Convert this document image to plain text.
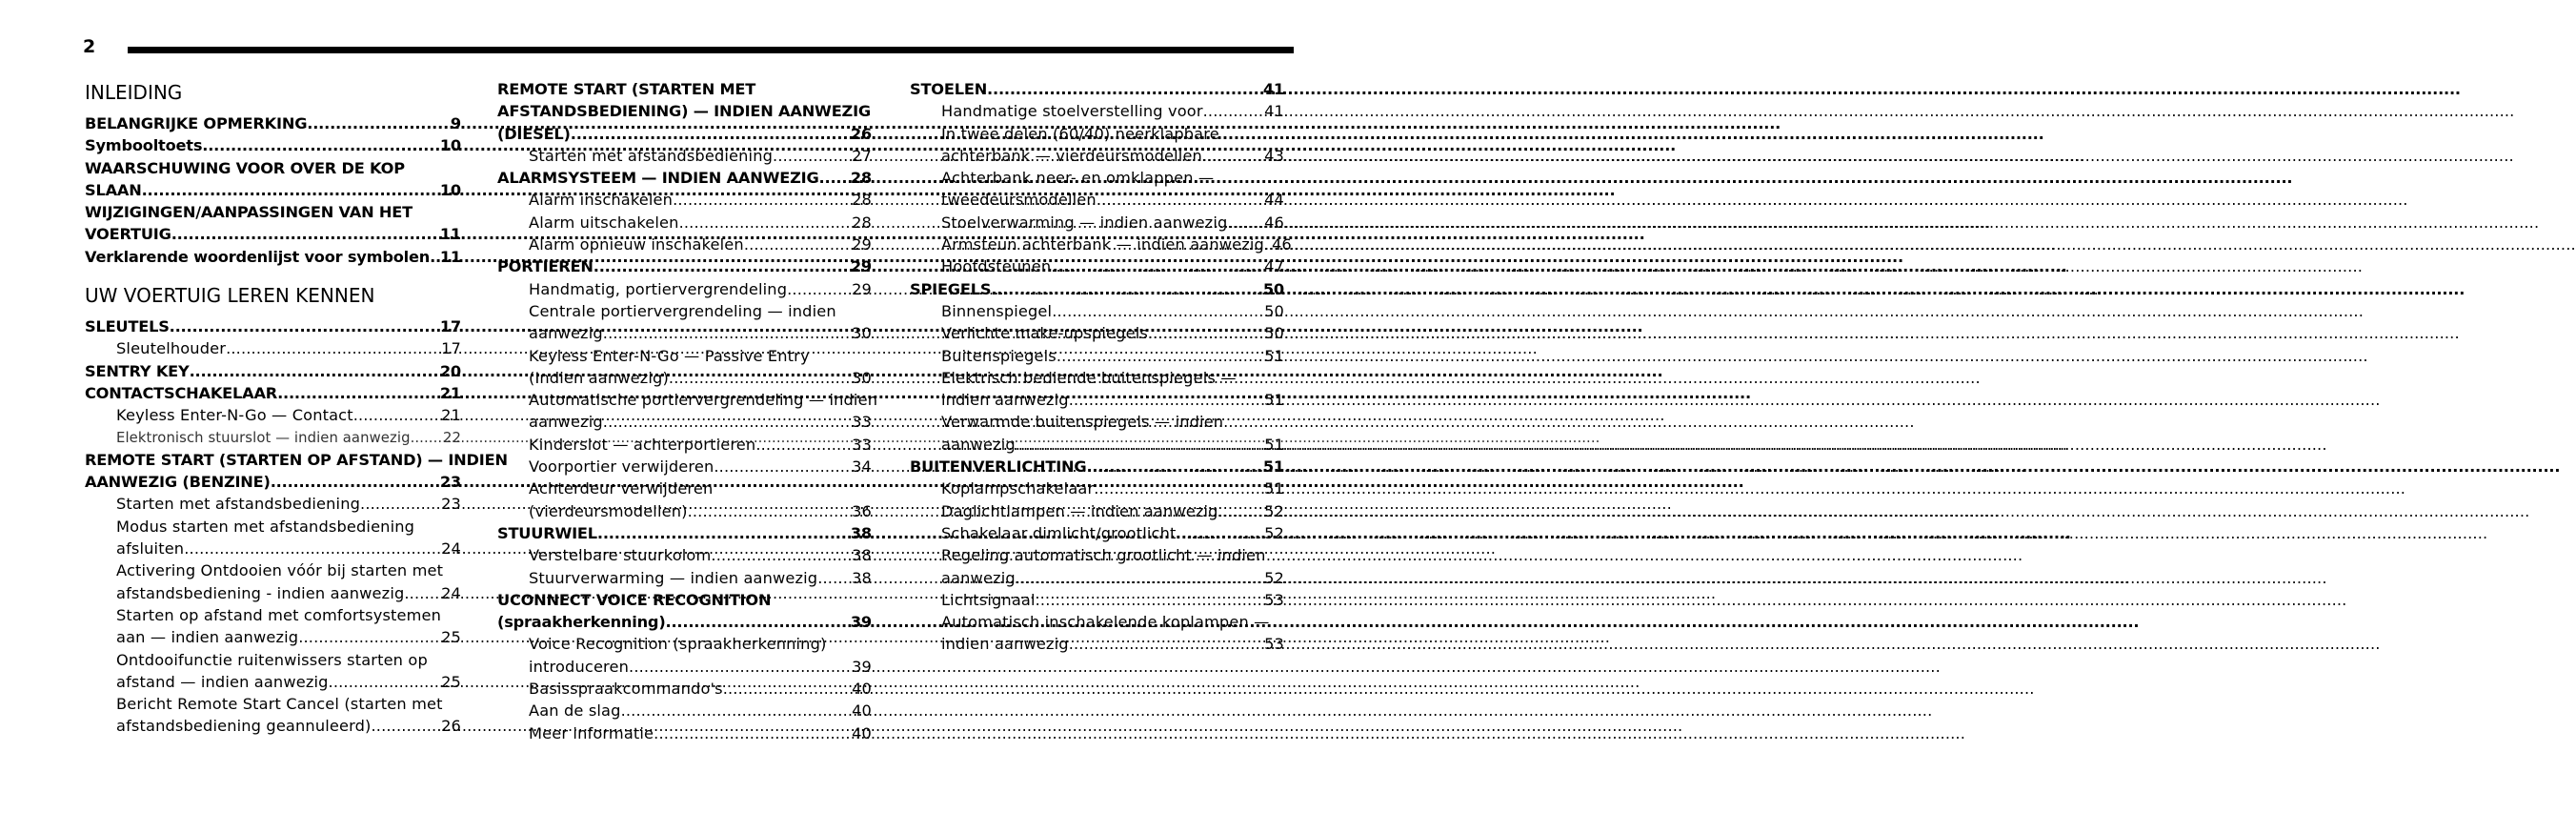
2
INLEIDING
BELANGRIJKE OPMERKING .....	9
Symbooltoets .....	10
WAARSCHUWING VOOR OVER DE KOP
SLAAN .....	10
WIJZIGINGEN/AANPASSINGEN VAN HET
VOERTUIG .....	11
Verklarende woordenlijst voor symbolen ..... 11
UW VOERTUIG LEREN KENNEN
SLEUTELS .....	17
Sleutelhouder .....	17
SENTRY KEY .....	20
CONTACTSCHAKELAAR .....	21
Keyless Enter-N-Go — Contact .....	21
Elektronisch stuurslot — indien aanwezig ..... 22
REMOTE START (STARTEN OP AFSTAND) — INDIEN
AANWEZIG (BENZINE) .....	23
Starten met afstandsbediening .....	23
Modus starten met afstandsbediening
afsluiten .....	24
Activering Ontdooien vóór bij starten met
afstandsbediening - indien aanwezig ..... 24
Starten op afstand met comfortsystemen
aan — indien aanwezig .....	25
Ontdooifunctie ruitenwissers starten op
afstand — indien aanwezig .....	25
Bericht Remote Start Cancel (starten met
afstandsbediening geannuleerd) .....	26
REMOTE START (STARTEN MET
AFSTANDSBEDIENING) — INDIEN AANWEZIG
(DIESEL) .....	26
Starten met afstandsbediening .....	27
ALARMSYSTEEM — INDIEN AANWEZIG ..... 28
Alarm inschakelen .....	28
Alarm uitschakelen .....	28
Alarm opnieuw inschakelen .....	29
PORTIEREN .....	29
Handmatig, portiervergrendeling .....	29
Centrale portiervergrendeling — indien
aanwezig .....	30
Keyless Enter-N-Go — Passive Entry
(Indien aanwezig) .....	30
Automatische portiervergrendeling — indien
aanwezig .....	33
Kinderslot — achterportieren .....	33
Voorportier verwijderen .....	34
Achterdeur verwijderen
(vierdeursmodellen) .....	36
STUURWIEL .....	38
Verstelbare stuurkolom .....	38
Stuurverwarming — indien aanwezig ..... 38
UCONNECT VOICE RECOGNITION
(spraakherkenning) .....	39
Voice Recognition (spraakherkenning)
introduceren .....	39
Basisspraakcommando's .....	40
Aan de slag .....	40
Meer informatie .....	40
STOELEN .....	41
Handmatige stoelverstelling voor .....	41
In twee delen (60/40) neerklapbare
achterbank — vierdeursmodellen .....	43
Achterbank neer- en omklappen —
tweedeursmodellen .....	44
Stoelverwarming — indien aanwezig ..... 46
Armsteun achterbank — indien aanwezig ..... 46
Hoofdsteunen .....	47
SPIEGELS .....	50
Binnenspiegel .....	50
Verlichte make-upspiegels .....	50
Buitenspiegels .....	51
Elektrisch bediende buitenspiegels —
indien aanwezig .....	51
Verwarmde buitenspiegels — indien
aanwezig .....	51
BUITENVERLICHTING .....	51
Koplampschakelaar .....	51
Daglichtlampen — indien aanwezig .....	52
Schakelaar dimlicht/grootlicht .....	52
Regeling automatisch grootlicht — indien
aanwezig .....	52
Lichtsignaal .....	53
Automatisch inschakelende koplampen —
indien aanwezig .....	53
